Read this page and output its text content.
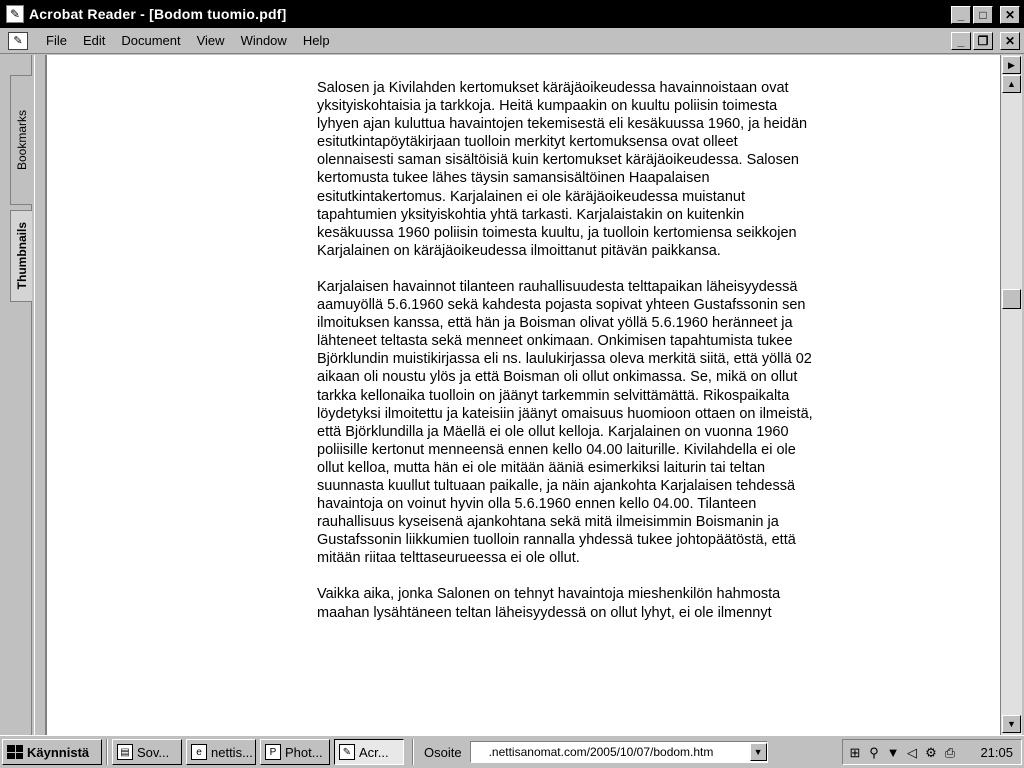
✎ Acrobat Reader - [Bodom tuomio.pdf]	_	□	✕
✎	File	Edit	Document	View	Window	Help	_	❐	✕
Bookmarks
Thumbnails

Salosen ja Kivilahden kertomukset käräjäoikeudessa havainnoistaan ovat
yksityiskohtaisia ja tarkkoja. Heitä kumpaakin on kuultu poliisin toimesta
lyhyen ajan kuluttua havaintojen tekemisestä eli kesäkuussa 1960, ja heidän
esitutkintapöytäkirjaan tuolloin merkityt kertomuksensa ovat olleet
olennaisesti saman sisältöisiä kuin kertomukset käräjäoikeudessa. Salosen
kertomusta tukee lähes täysin samansisältöinen Haapalaisen
esitutkintakertomus. Karjalainen ei ole käräjäoikeudessa muistanut
tapahtumien yksityiskohtia yhtä tarkasti. Karjalaistakin on kuitenkin
kesäkuussa 1960 poliisin toimesta kuultu, ja tuolloin kertomiensa seikkojen
Karjalainen on käräjäoikeudessa ilmoittanut pitävän paikkansa.
Karjalaisen havainnot tilanteen rauhallisuudesta telttapaikan läheisyydessä
aamuyöllä 5.6.1960 sekä kahdesta pojasta sopivat yhteen Gustafssonin sen
ilmoituksen kanssa, että hän ja Boisman olivat yöllä 5.6.1960 heränneet ja
lähteneet teltasta sekä menneet onkimaan. Onkimisen tapahtumista tukee
Björklundin muistikirjassa eli ns. laulukirjassa oleva merkitä siitä, että yöllä 02
aikaan oli noustu ylös ja että Boisman oli ollut onkimassa. Se, mikä on ollut
tarkka kellonaika tuolloin on jäänyt tarkemmin selvittämättä. Rikospaikalta
löydetyksi ilmoitettu ja kateisiin jäänyt omaisuus huomioon ottaen on ilmeistä,
että Björklundilla ja Mäellä ei ole ollut kelloja. Karjalainen on vuonna 1960
poliisille kertonut menneensä ennen kello 04.00 laiturille. Kivilahdella ei ole
ollut kelloa, mutta hän ei ole mitään ääniä esimerkiksi laiturin tai teltan
suunnasta kuullut tultuaan paikalle, ja näin ajankohta Karjalaisen tehdessä
havaintoja on voinut hyvin olla 5.6.1960 ennen kello 04.00. Tilanteen
rauhallisuus kyseisenä ajankohtana sekä mitä ilmeisimmin Boismanin ja
Gustafssonin liikkumien tuolloin rannalla yhdessä tukee johtopäätöstä, että
mitään riitaa telttaseurueessa ei ole ollut.
Vaikka aika, jonka Salonen on tehnyt havaintoja mieshenkilön hahmosta
maahan lysähtäneen teltan läheisyydessä on ollut lyhyt, ei ole ilmennyt
▶
▲
▼
Käynnistä	▤ Sov...	e nettis...	P Phot...	✎ Acr...	Osoite
.nettisanomat.com/2005/10/07/bodom.htm	▼	⊞ ⚲ ▼ ◁ ⚙ ⎙ 21:05
